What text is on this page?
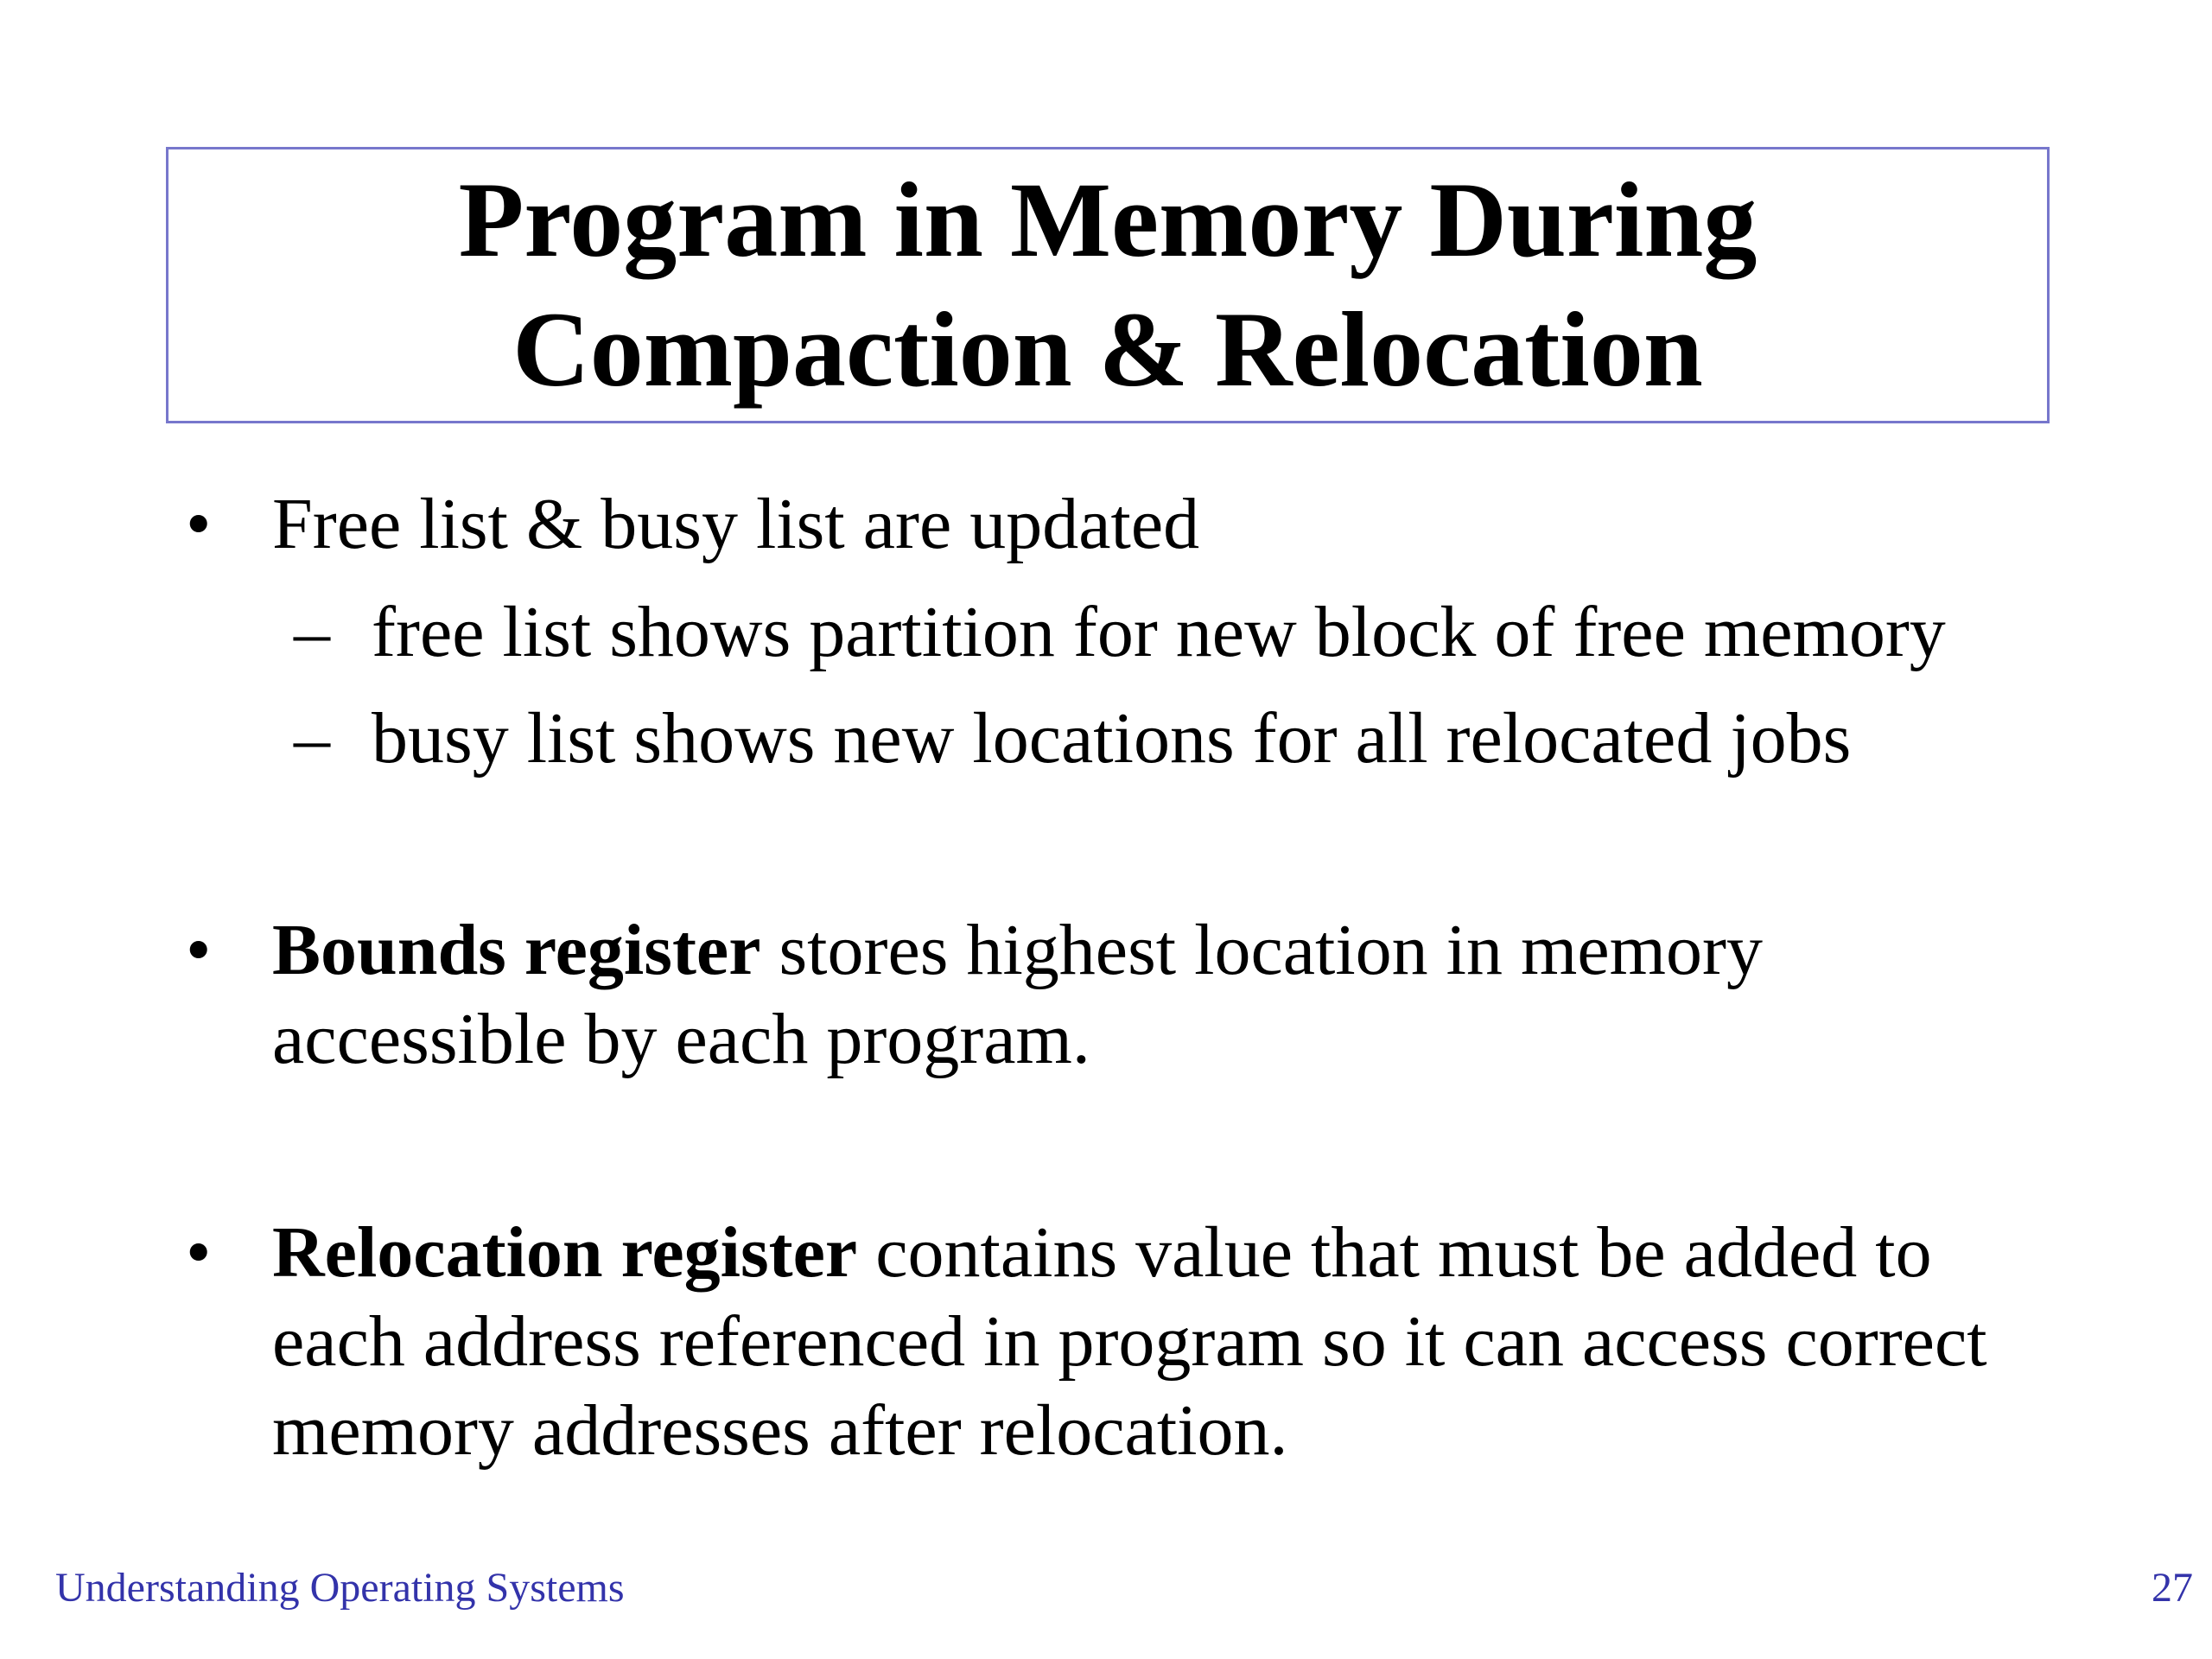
Program in Memory During
Compaction & Relocation
• Free list & busy list are updated
– free list shows partition for new block of free memory
– busy list shows new locations for all relocated jobs
• Bounds register stores highest location in memory accessible by each program.
• Relocation register contains value that must be added to each address referenced in program so it can access correct memory addresses after relocation.
Understanding Operating Systems	27
